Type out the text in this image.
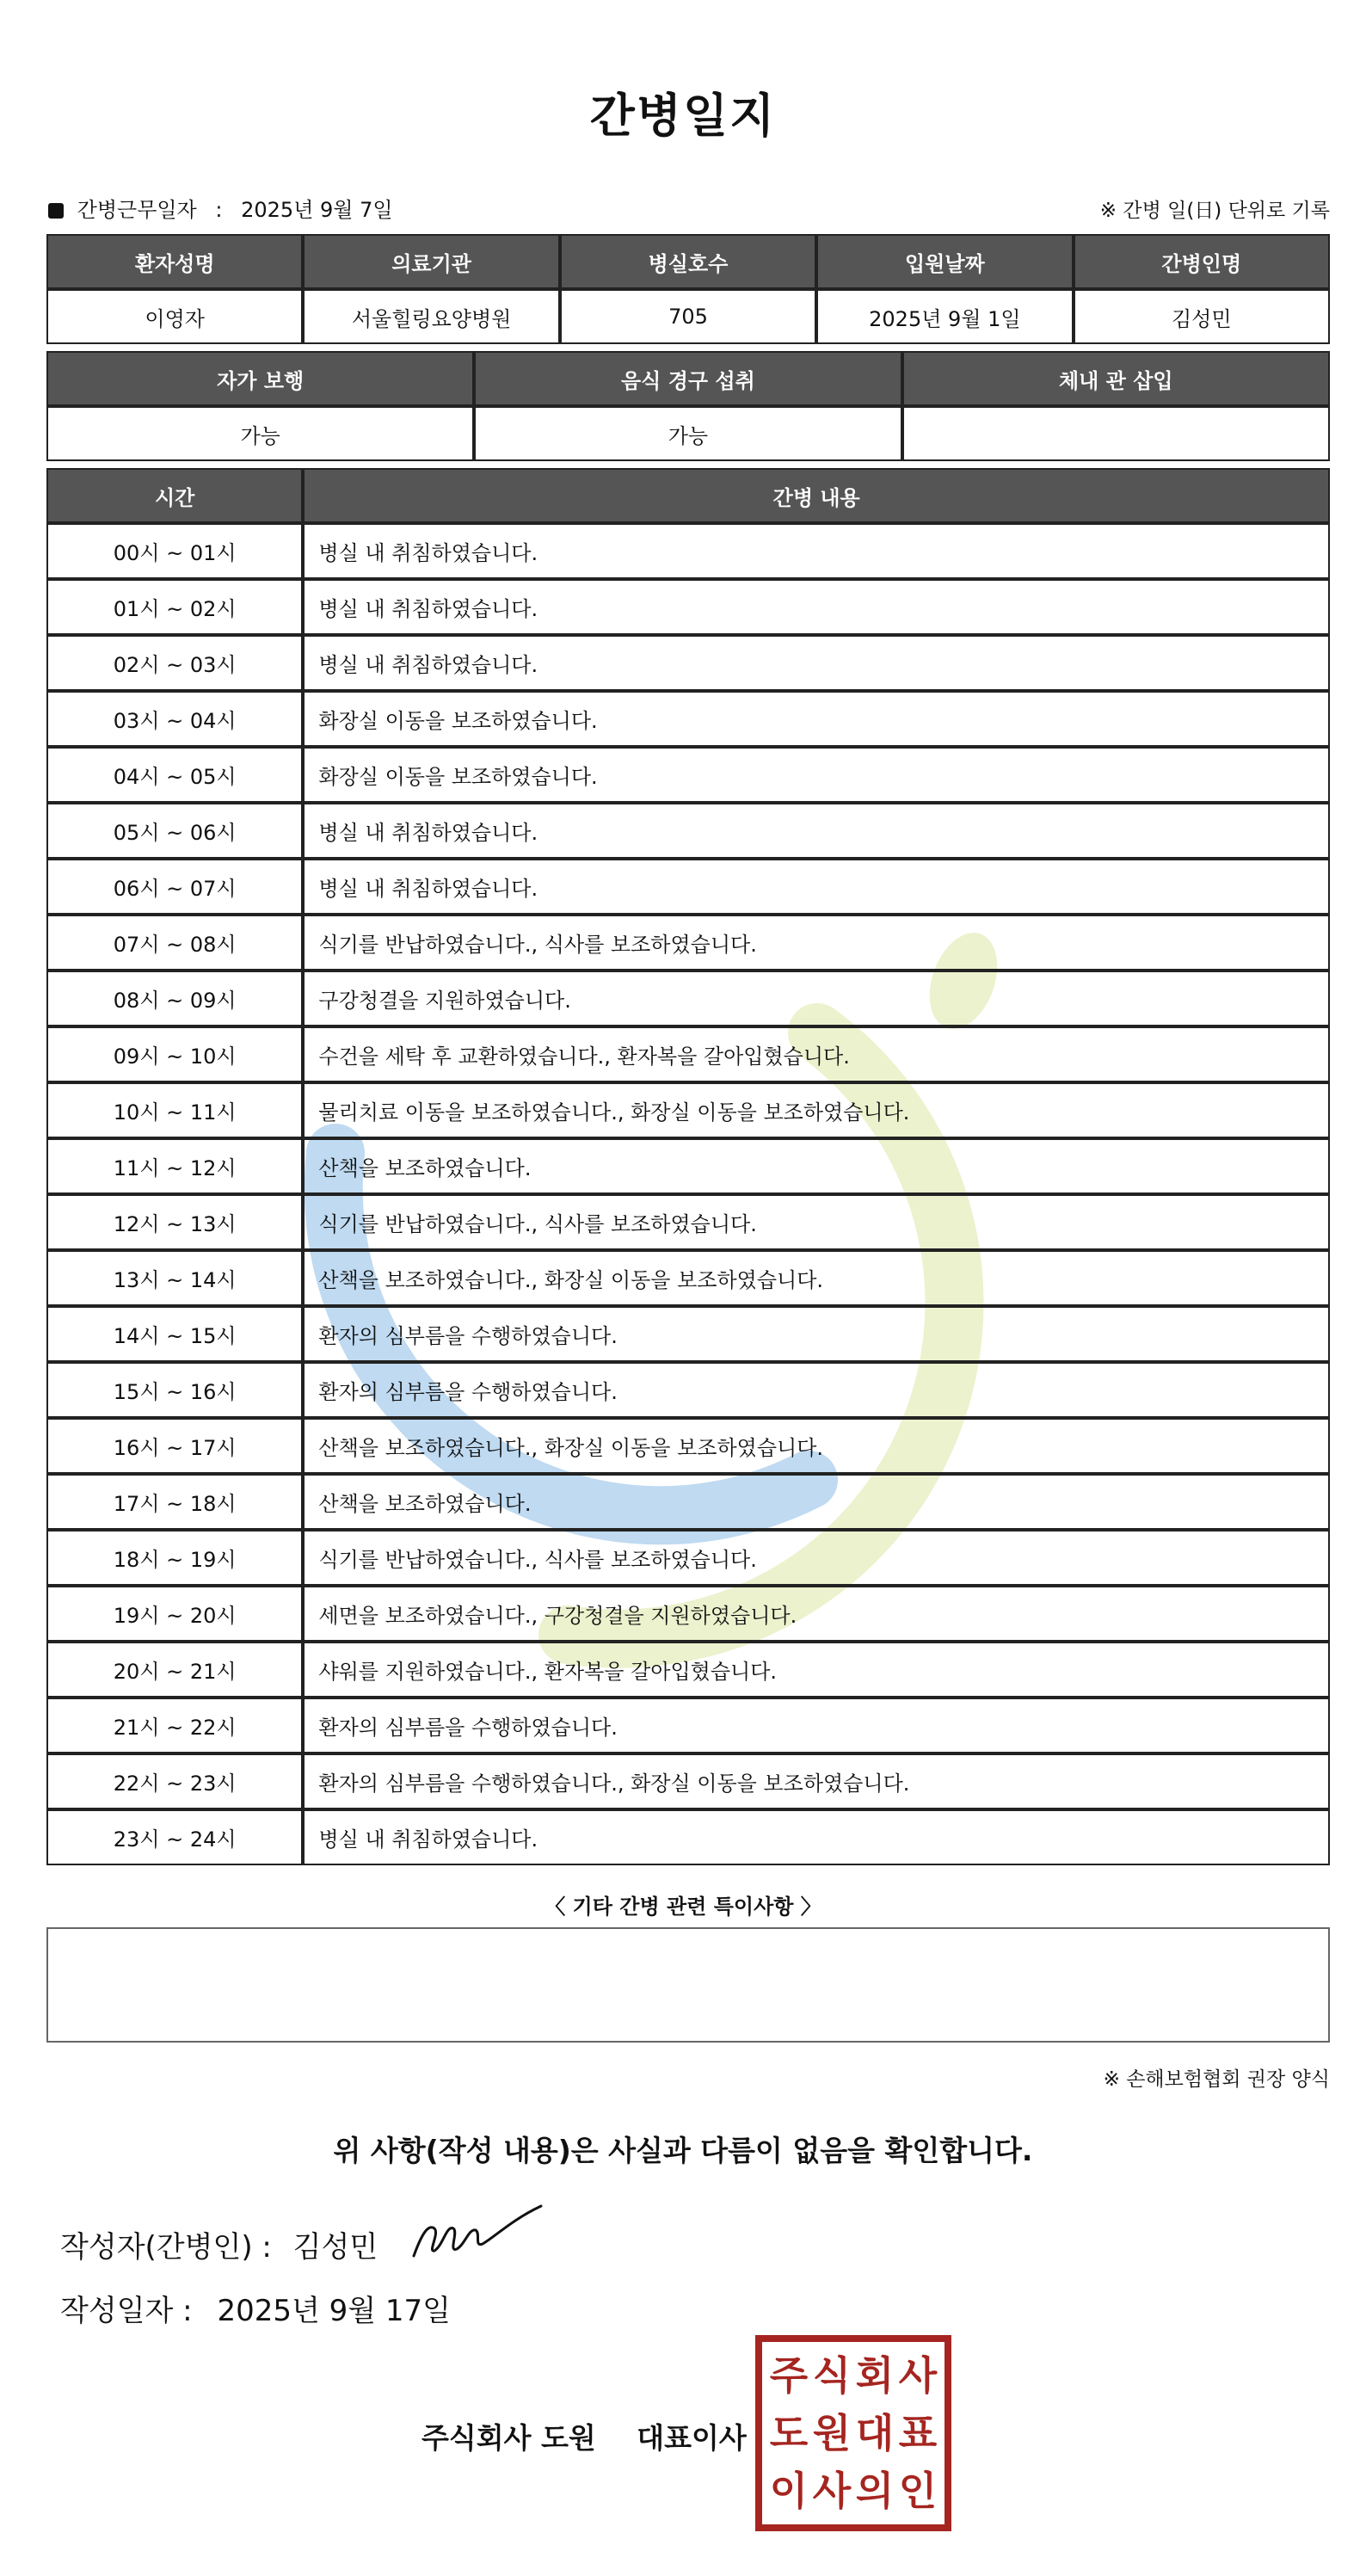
간병일지
간병근무일자 : 2025년 9월 7일	※ 간병 일(日) 단위로 기록
환자성명	의료기관	병실호수	입원날짜	간병인명
이영자	서울힐링요양병원	705	2025년 9월 1일	김성민
자가 보행	음식 경구 섭취	체내 관 삽입
가능	가능	
시간	간병 내용
00시 ~ 01시	병실 내 취침하였습니다.
01시 ~ 02시	병실 내 취침하였습니다.
02시 ~ 03시	병실 내 취침하였습니다.
03시 ~ 04시	화장실 이동을 보조하였습니다.
04시 ~ 05시	화장실 이동을 보조하였습니다.
05시 ~ 06시	병실 내 취침하였습니다.
06시 ~ 07시	병실 내 취침하였습니다.
07시 ~ 08시	식기를 반납하였습니다., 식사를 보조하였습니다.
08시 ~ 09시	구강청결을 지원하였습니다.
09시 ~ 10시	수건을 세탁 후 교환하였습니다., 환자복을 갈아입혔습니다.
10시 ~ 11시	물리치료 이동을 보조하였습니다., 화장실 이동을 보조하였습니다.
11시 ~ 12시	산책을 보조하였습니다.
12시 ~ 13시	식기를 반납하였습니다., 식사를 보조하였습니다.
13시 ~ 14시	산책을 보조하였습니다., 화장실 이동을 보조하였습니다.
14시 ~ 15시	환자의 심부름을 수행하였습니다.
15시 ~ 16시	환자의 심부름을 수행하였습니다.
16시 ~ 17시	산책을 보조하였습니다., 화장실 이동을 보조하였습니다.
17시 ~ 18시	산책을 보조하였습니다.
18시 ~ 19시	식기를 반납하였습니다., 식사를 보조하였습니다.
19시 ~ 20시	세면을 보조하였습니다., 구강청결을 지원하였습니다.
20시 ~ 21시	샤워를 지원하였습니다., 환자복을 갈아입혔습니다.
21시 ~ 22시	환자의 심부름을 수행하였습니다.
22시 ~ 23시	환자의 심부름을 수행하였습니다., 화장실 이동을 보조하였습니다.
23시 ~ 24시	병실 내 취침하였습니다.
〈 기타 간병 관련 특이사항 〉
※ 손해보험협회 권장 양식
위 사항(작성 내용)은 사실과 다름이 없음을 확인합니다.
작성자(간병인) : 김성민
작성일자 : 2025년 9월 17일
주식회사 도원 대표이사
주 식 회 사
도 원 대 표
이 사 의 인
